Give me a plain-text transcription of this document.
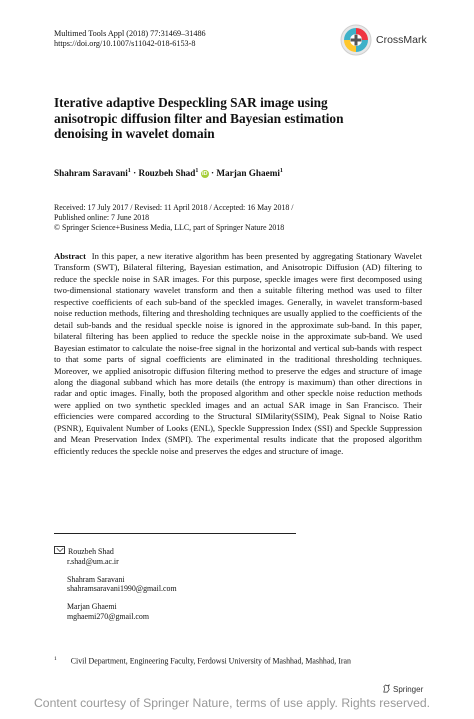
Multimed Tools Appl (2018) 77:31469–31486
https://doi.org/10.1007/s11042-018-6153-8	CrossMark
Iterative adaptive Despeckling SAR image using anisotropic diffusion filter and Bayesian estimation denoising in wavelet domain
Shahram Saravani$^1$ · Rouzbeh Shad$^1$ iD · Marjan Ghaemi$^1$
Received: 17 July 2017 / Revised: 11 April 2018 / Accepted: 16 May 2018 /
Published online: 7 June 2018
© Springer Science+Business Media, LLC, part of Springer Nature 2018
Abstract In this paper, a new iterative algorithm has been presented by aggregating Stationary Wavelet Transform (SWT), Bilateral filtering, Bayesian estimation, and Anisotropic Diffusion (AD) filtering to reduce the speckle noise in SAR images. For this purpose, speckle images were first decomposed using two-dimensional stationary wavelet transform and then a suitable filtering method was used to filter respective coefficients of each sub-band of the speckled images. Generally, in wavelet transform-based noise reduction methods, filtering and thresholding techniques are usually applied to the coefficients of the detail sub-bands and the residual speckle noise is ignored in the approximate sub-band. In this paper, bilateral filtering has been applied to reduce the speckle noise in the approximate sub-band. We used Bayesian estimator to calculate the noise-free signal in the horizontal and vertical sub-bands with respect to that some parts of signal coefficients are eliminated in the traditional thresholding techniques. Moreover, we applied anisotropic diffusion filtering method to preserve the edges and structure of image along the diagonal subband which has more details (the entropy is maximum) than other directions in radar and optic images. Finally, both the proposed algorithm and other speckle noise reduction methods were applied on two synthetic speckled images and an actual SAR image in San Francisco. Their efficiencies were compared according to the Structural SIMilarity(SSIM), Peak Signal to Noise Ratio (PSNR), Equivalent Number of Looks (ENL), Speckle Suppression Index (SSI) and Speckle Suppression and Mean Preservation Index (SMPI). The experimental results indicate that the proposed algorithm efficiently reduces the speckle noise and preserves the edges and structure of image.
Rouzbeh Shad
r.shad@um.ac.ir
Shahram Saravani
shahramsaravani1990@gmail.com
Marjan Ghaemi
mghaemi270@gmail.com
$^1$ Civil Department, Engineering Faculty, Ferdowsi University of Mashhad, Mashhad, Iran
Springer
Content courtesy of Springer Nature, terms of use apply. Rights reserved.
